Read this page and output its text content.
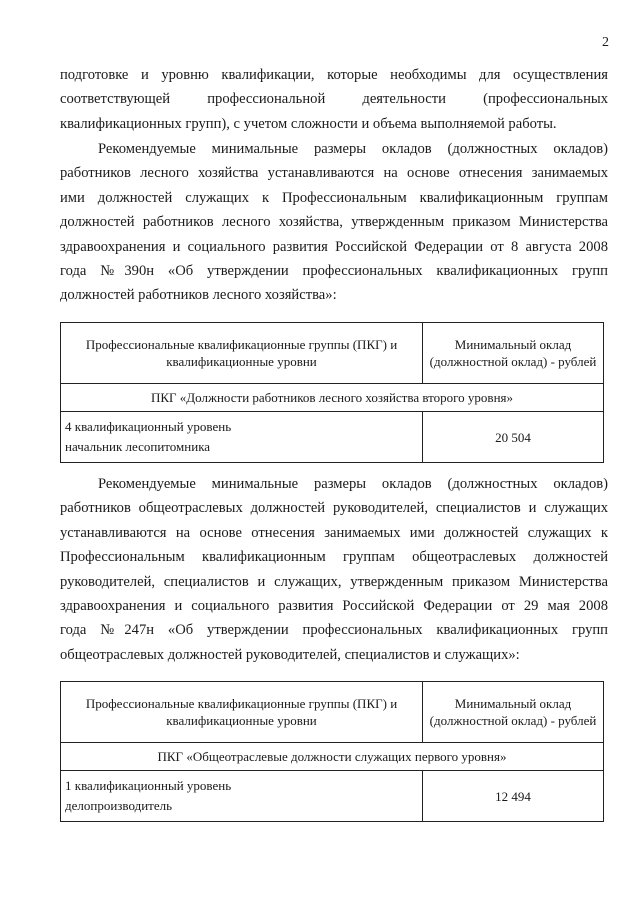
2

подготовке и уровню квалификации, которые необходимы для осуществления
соответствующей профессиональной деятельности (профессиональных
квалификационных групп), с учетом сложности и объема выполняемой работы.

Рекомендуемые минимальные размеры окладов (должностных окладов)
работников лесного хозяйства устанавливаются на основе отнесения занимаемых
ими должностей служащих к Профессиональным квалификационным группам
должностей работников лесного хозяйства, утвержденным приказом Министерства
здравоохранения и социального развития Российской Федерации от 8 августа 2008
года №390н «Об утверждении профессиональных квалификационных групп
должностей работников лесного хозяйства»:

Профессиональные квалификационные группы (ПКГ) и квалификационные уровни	Минимальный оклад (должностной оклад) - рублей
ПКГ «Должности работников лесного хозяйства второго уровня»	

4 квалификационный уровень
начальник лесопитомника	20 504

Рекомендуемые минимальные размеры окладов (должностных окладов)
работников общеотраслевых должностей руководителей, специалистов и служащих
устанавливаются на основе отнесения занимаемых ими должностей служащих к
Профессиональным квалификационным группам общеотраслевых должностей
руководителей, специалистов и служащих, утвержденным приказом Министерства
здравоохранения и социального развития Российской Федерации от 29 мая 2008
года №247н «Об утверждении профессиональных квалификационных групп
общеотраслевых должностей руководителей, специалистов и служащих»:

Профессиональные квалификационные группы (ПКГ) и квалификационные уровни	Минимальный оклад (должностной оклад) - рублей
ПКГ «Общеотраслевые должности служащих первого уровня»	

1 квалификационный уровень
делопроизводитель	12 494
